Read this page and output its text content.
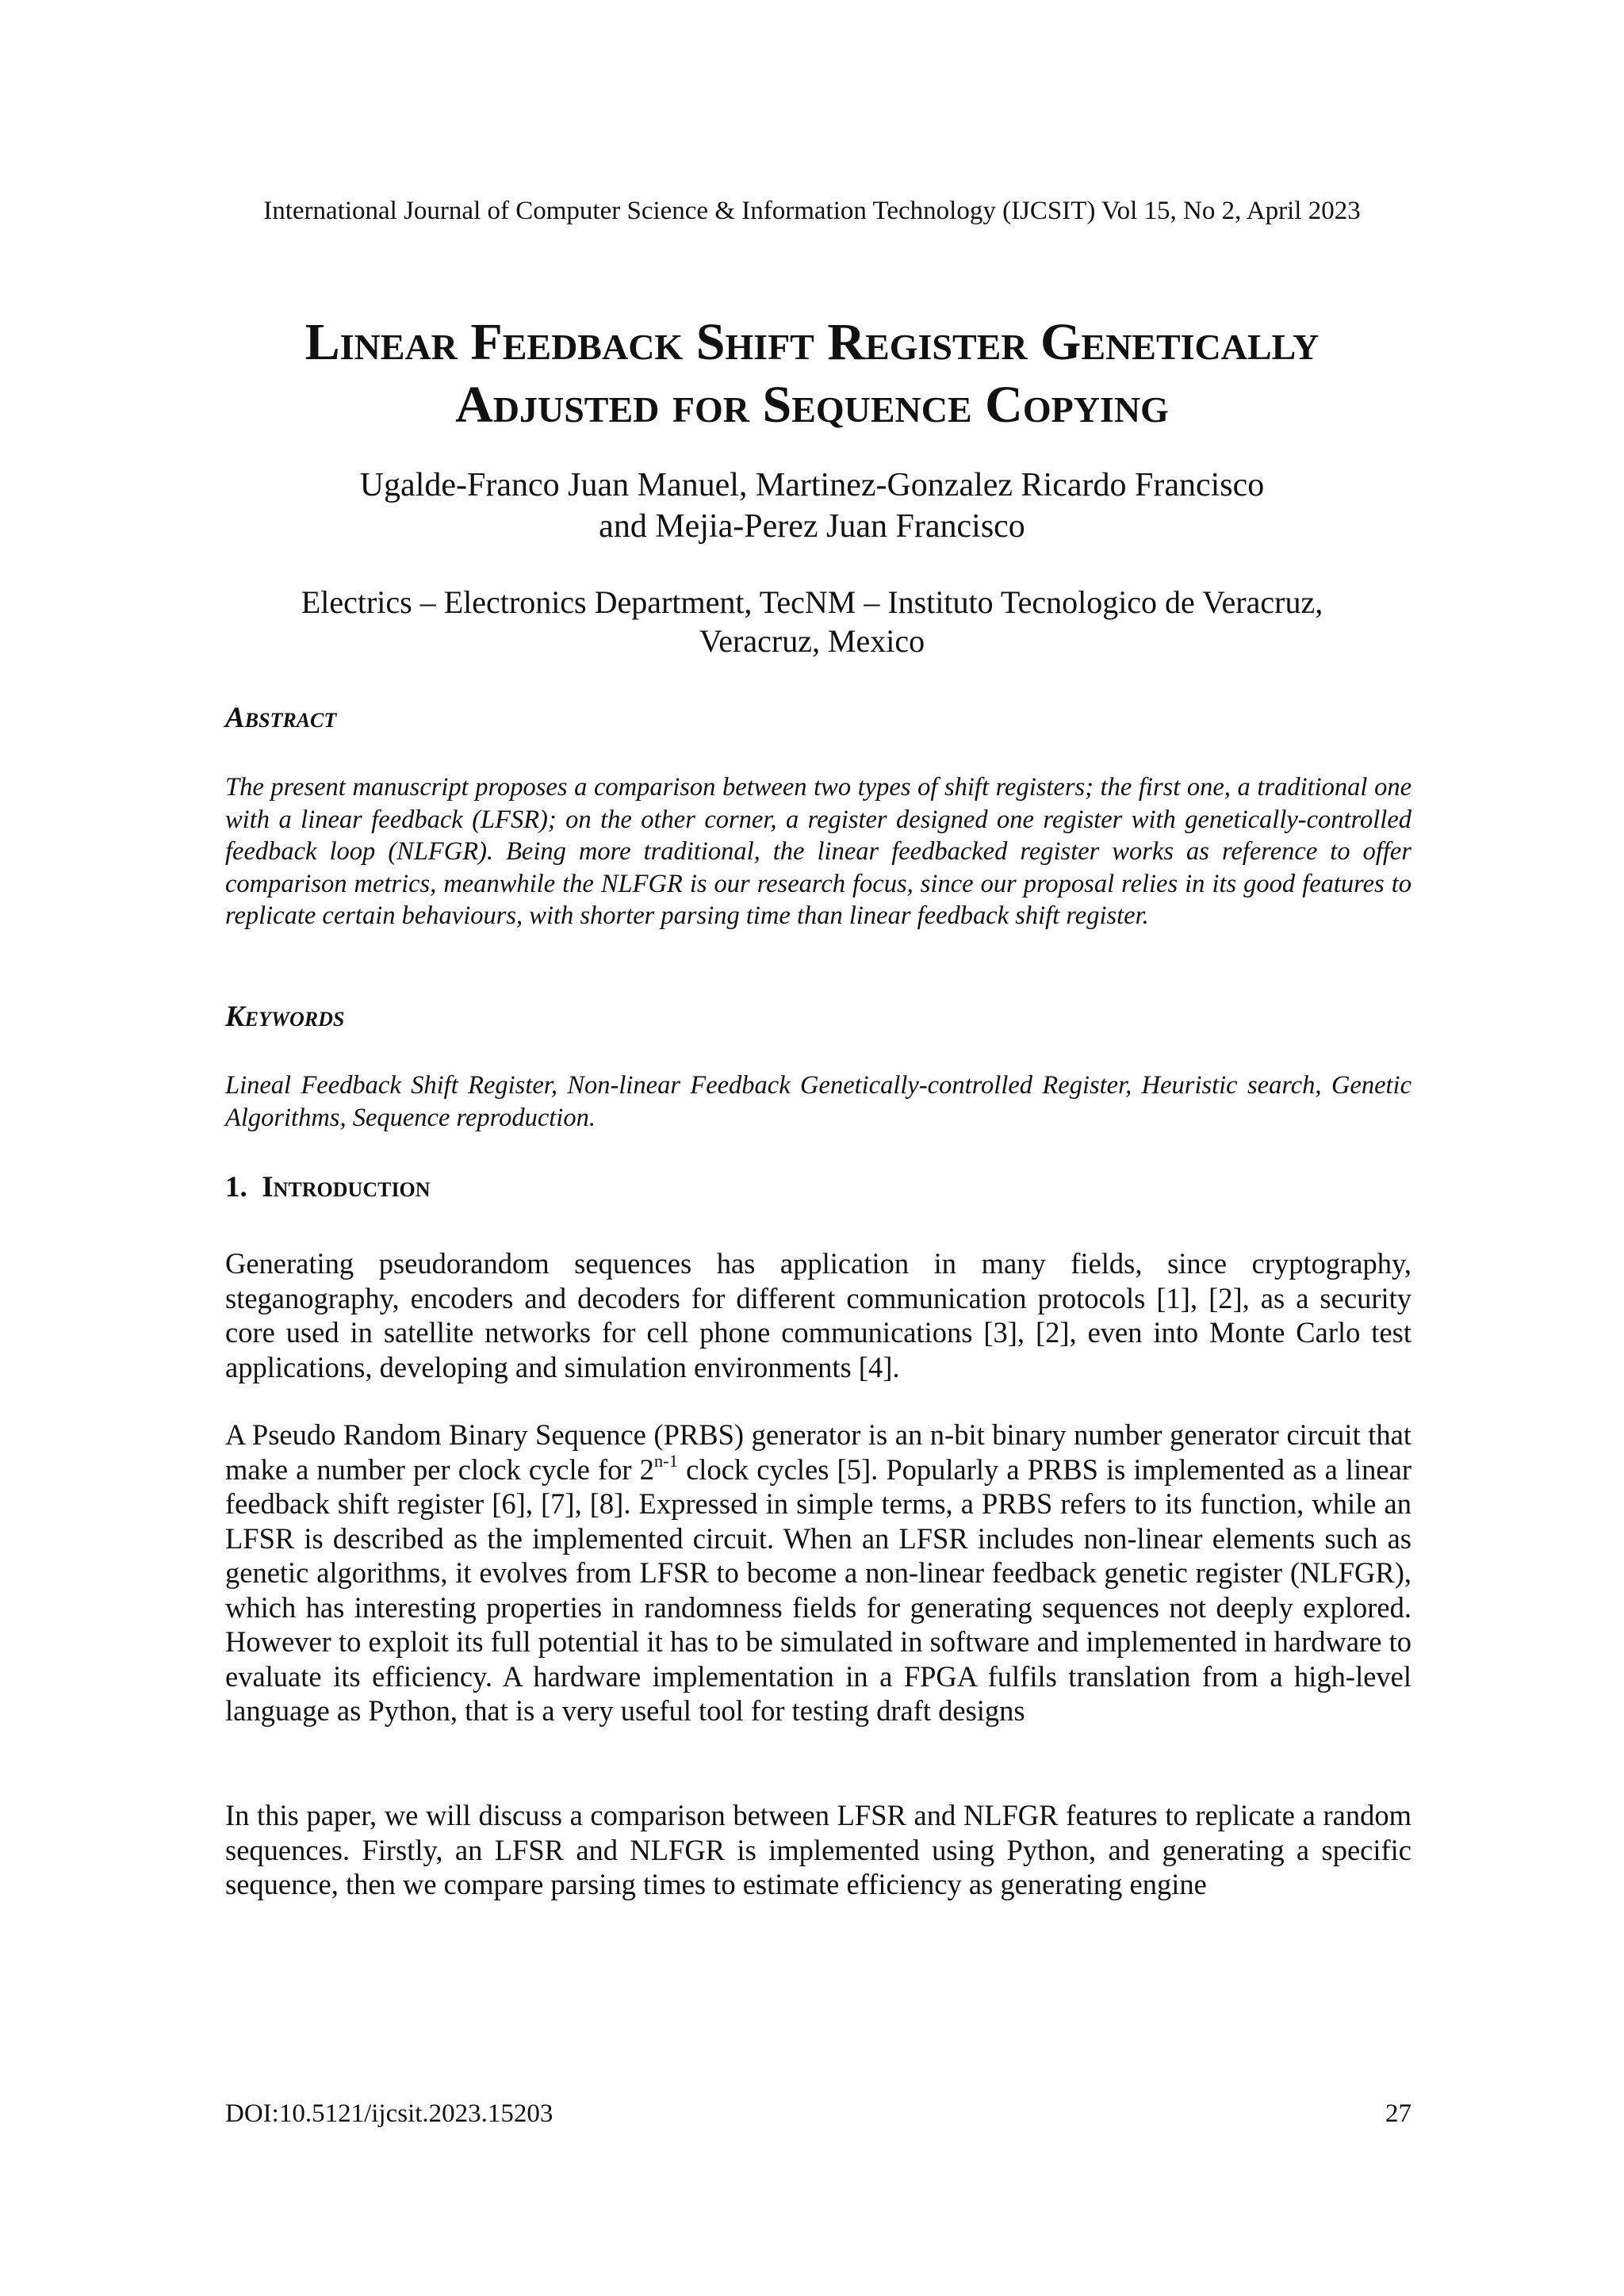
International Journal of Computer Science & Information Technology (IJCSIT) Vol 15, No 2, April 2023
Linear Feedback Shift Register Genetically
Adjusted for Sequence Copying
Ugalde-Franco Juan Manuel, Martinez-Gonzalez Ricardo Francisco
and Mejia-Perez Juan Francisco
Electrics – Electronics Department, TecNM – Instituto Tecnologico de Veracruz,
Veracruz, Mexico
Abstract
The present manuscript proposes a comparison between two types of shift registers; the first one, a traditional one with a linear feedback (LFSR); on the other corner, a register designed one register with genetically-controlled feedback loop (NLFGR). Being more traditional, the linear feedbacked register works as reference to offer comparison metrics, meanwhile the NLFGR is our research focus, since our proposal relies in its good features to replicate certain behaviours, with shorter parsing time than linear feedback shift register.
Keywords
Lineal Feedback Shift Register, Non-linear Feedback Genetically-controlled Register, Heuristic search, Genetic Algorithms, Sequence reproduction.
1. Introduction
Generating pseudorandom sequences has application in many fields, since cryptography, steganography, encoders and decoders for different communication protocols [1], [2], as a security core used in satellite networks for cell phone communications [3], [2], even into Monte Carlo test applications, developing and simulation environments [4].
A Pseudo Random Binary Sequence (PRBS) generator is an n-bit binary number generator circuit that make a number per clock cycle for 2$^{n-1}$ clock cycles [5]. Popularly a PRBS is implemented as a linear feedback shift register [6], [7], [8]. Expressed in simple terms, a PRBS refers to its function, while an LFSR is described as the implemented circuit. When an LFSR includes non-linear elements such as genetic algorithms, it evolves from LFSR to become a non-linear feedback genetic register (NLFGR), which has interesting properties in randomness fields for generating sequences not deeply explored. However to exploit its full potential it has to be simulated in software and implemented in hardware to evaluate its efficiency. A hardware implementation in a FPGA fulfils translation from a high-level language as Python, that is a very useful tool for testing draft designs
In this paper, we will discuss a comparison between LFSR and NLFGR features to replicate a random sequences. Firstly, an LFSR and NLFGR is implemented using Python, and generating a specific sequence, then we compare parsing times to estimate efficiency as generating engine
DOI:10.5121/ijcsit.2023.15203	27
